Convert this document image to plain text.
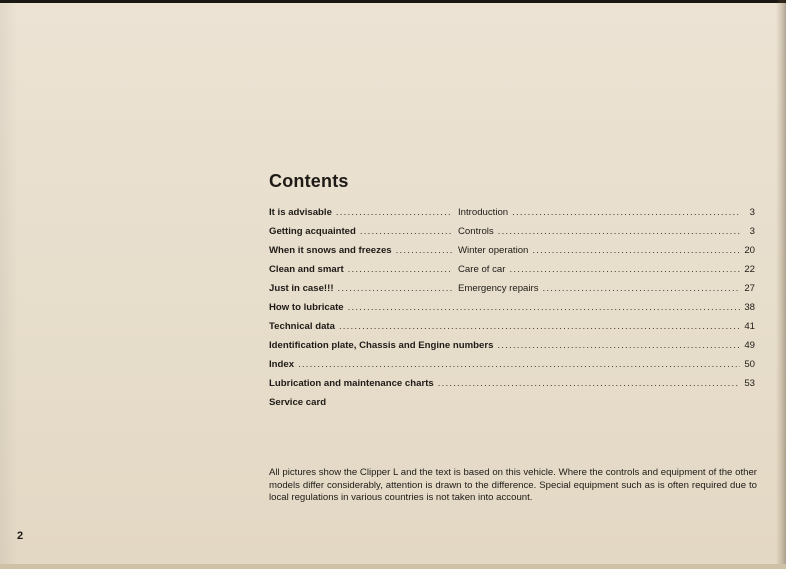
Contents
It is advisable .....	Introduction .....	3
Getting acquainted .....	Controls .....	3
When it snows and freezes .....	Winter operation .....	20
Clean and smart .....	Care of car .....	22
Just in case!!! .....	Emergency repairs .....	27
How to lubricate .....	38
Technical data .....	41
Identification plate, Chassis and Engine numbers .....	49
Index .....	50
Lubrication and maintenance charts .....	53
Service card
All pictures show the Clipper L and the text is based on this vehicle. Where the controls and equipment of the other models differ considerably, attention is drawn to the difference. Special equipment such as is often required due to local regulations in various countries is not taken into account.
2
